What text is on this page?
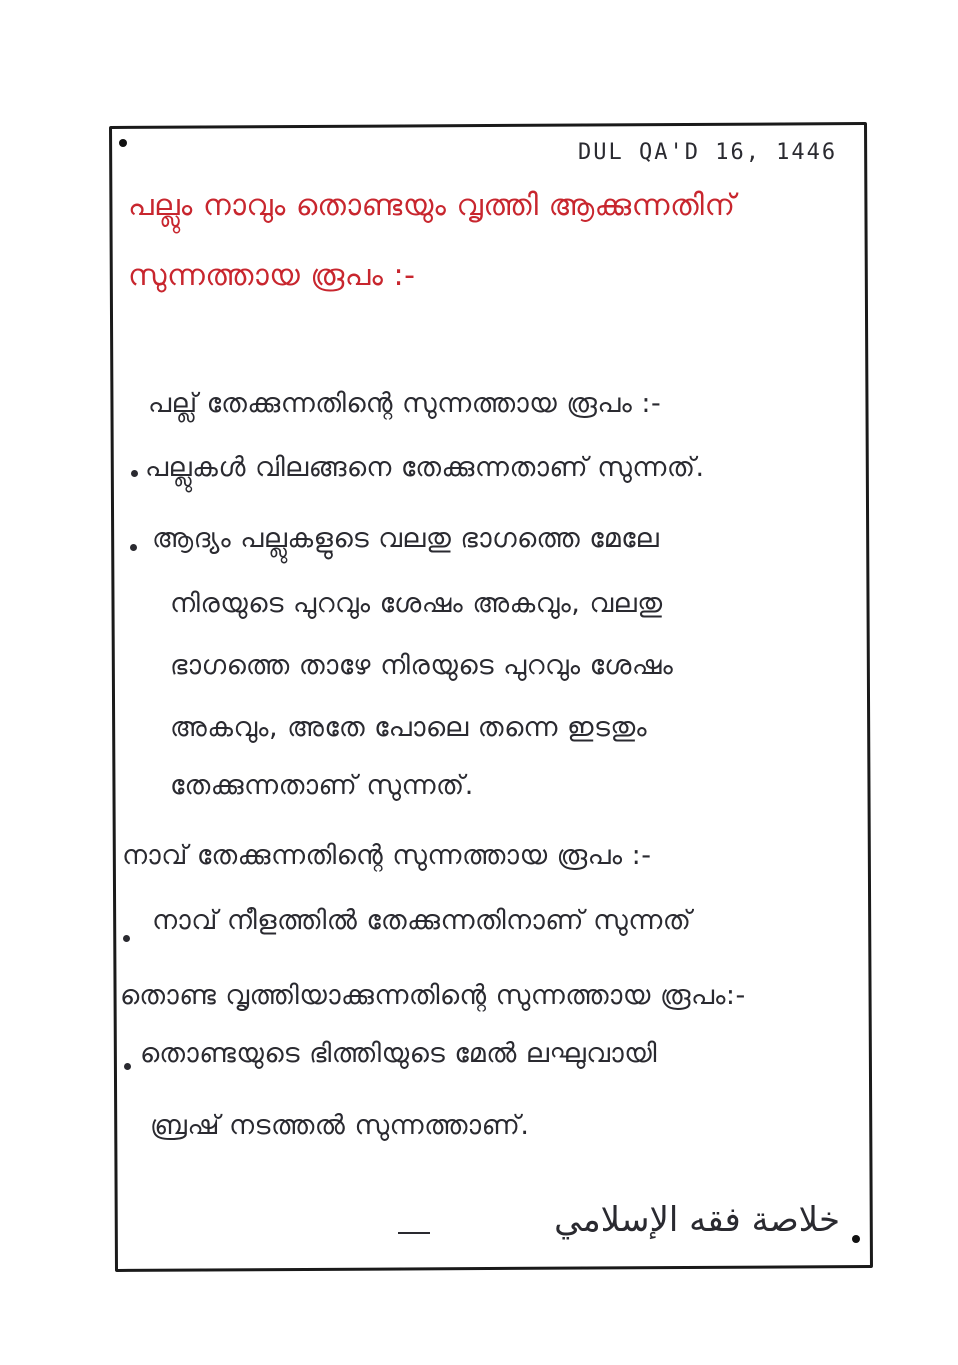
DUL QA'D 16, 1446
പല്ലും നാവും തൊണ്ടയും വൃത്തി ആക്കുന്നതിന്
സുന്നത്തായ രൂപം :-
പല്ല് തേക്കുന്നതിന്റെ സുന്നത്തായ രൂപം :-
പല്ലുകൾ വിലങ്ങനെ തേക്കുന്നതാണ് സുന്നത്.
ആദ്യം പല്ലുകളുടെ വലതു ഭാഗത്തെ മേലേ
നിരയുടെ പുറവും ശേഷം അകവും, വലതു
ഭാഗത്തെ താഴേ നിരയുടെ പുറവും ശേഷം
അകവും, അതേ പോലെ തന്നെ ഇടതും
തേക്കുന്നതാണ് സുന്നത്.
നാവ് തേക്കുന്നതിന്റെ സുന്നത്തായ രൂപം :-
നാവ് നീളത്തിൽ തേക്കുന്നതിനാണ് സുന്നത്
തൊണ്ട വൃത്തിയാക്കുന്നതിന്റെ സുന്നത്തായ രൂപം:-
തൊണ്ടയുടെ ഭിത്തിയുടെ മേൽ ലഘുവായി
ബ്രഷ് നടത്തൽ സുന്നത്താണ്.
خلاصة فقه الإسلامي
